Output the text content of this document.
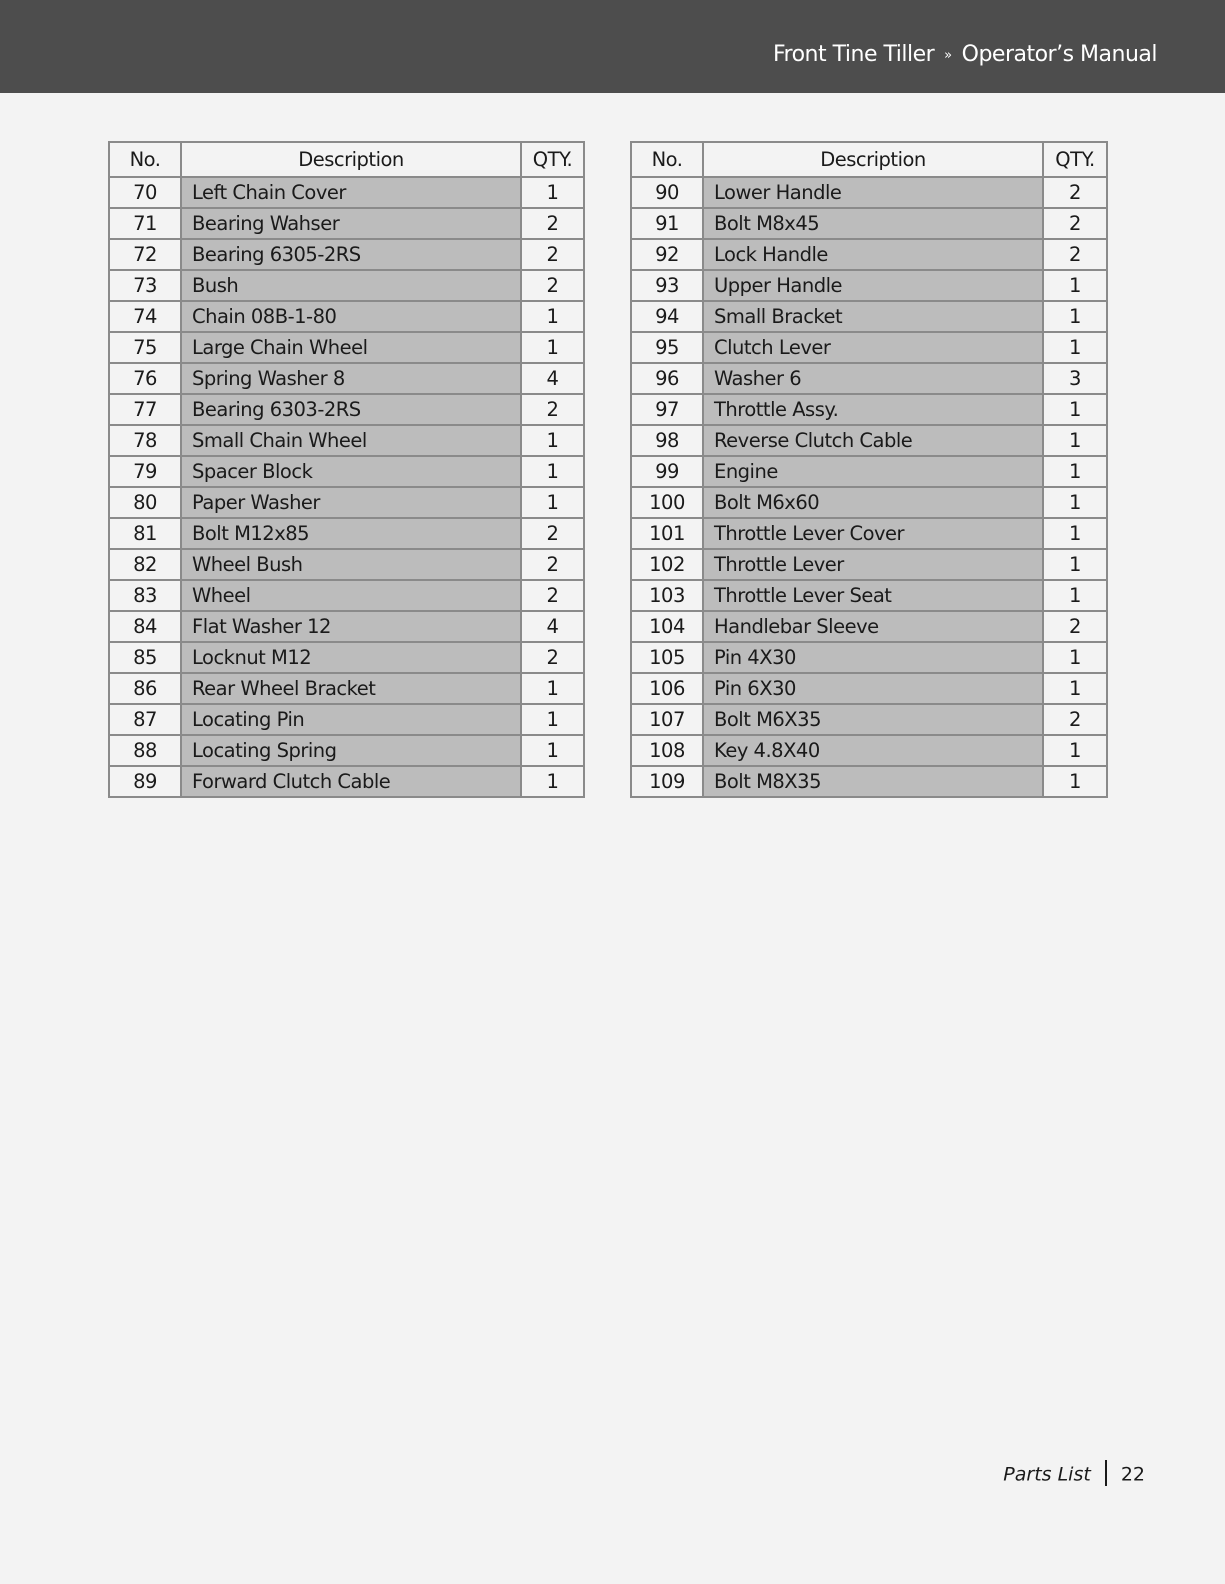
Front Tine Tiller » Operator’s Manual
No.	Description	QTY.
70	Left Chain Cover	1
71	Bearing Wahser	2
72	Bearing 6305-2RS	2
73	Bush	2
74	Chain 08B-1-80	1
75	Large Chain Wheel	1
76	Spring Washer 8	4
77	Bearing 6303-2RS	2
78	Small Chain Wheel	1
79	Spacer Block	1
80	Paper Washer	1
81	Bolt M12x85	2
82	Wheel Bush	2
83	Wheel	2
84	Flat Washer 12	4
85	Locknut M12	2
86	Rear Wheel Bracket	1
87	Locating Pin	1
88	Locating Spring	1
89	Forward Clutch Cable	1
No.	Description	QTY.
90	Lower Handle	2
91	Bolt M8x45	2
92	Lock Handle	2
93	Upper Handle	1
94	Small Bracket	1
95	Clutch Lever	1
96	Washer 6	3
97	Throttle Assy.	1
98	Reverse Clutch Cable	1
99	Engine	1
100	Bolt M6x60	1
101	Throttle Lever Cover	1
102	Throttle Lever	1
103	Throttle Lever Seat	1
104	Handlebar Sleeve	2
105	Pin 4X30	1
106	Pin 6X30	1
107	Bolt M6X35	2
108	Key 4.8X40	1
109	Bolt M8X35	1
Parts List 22
